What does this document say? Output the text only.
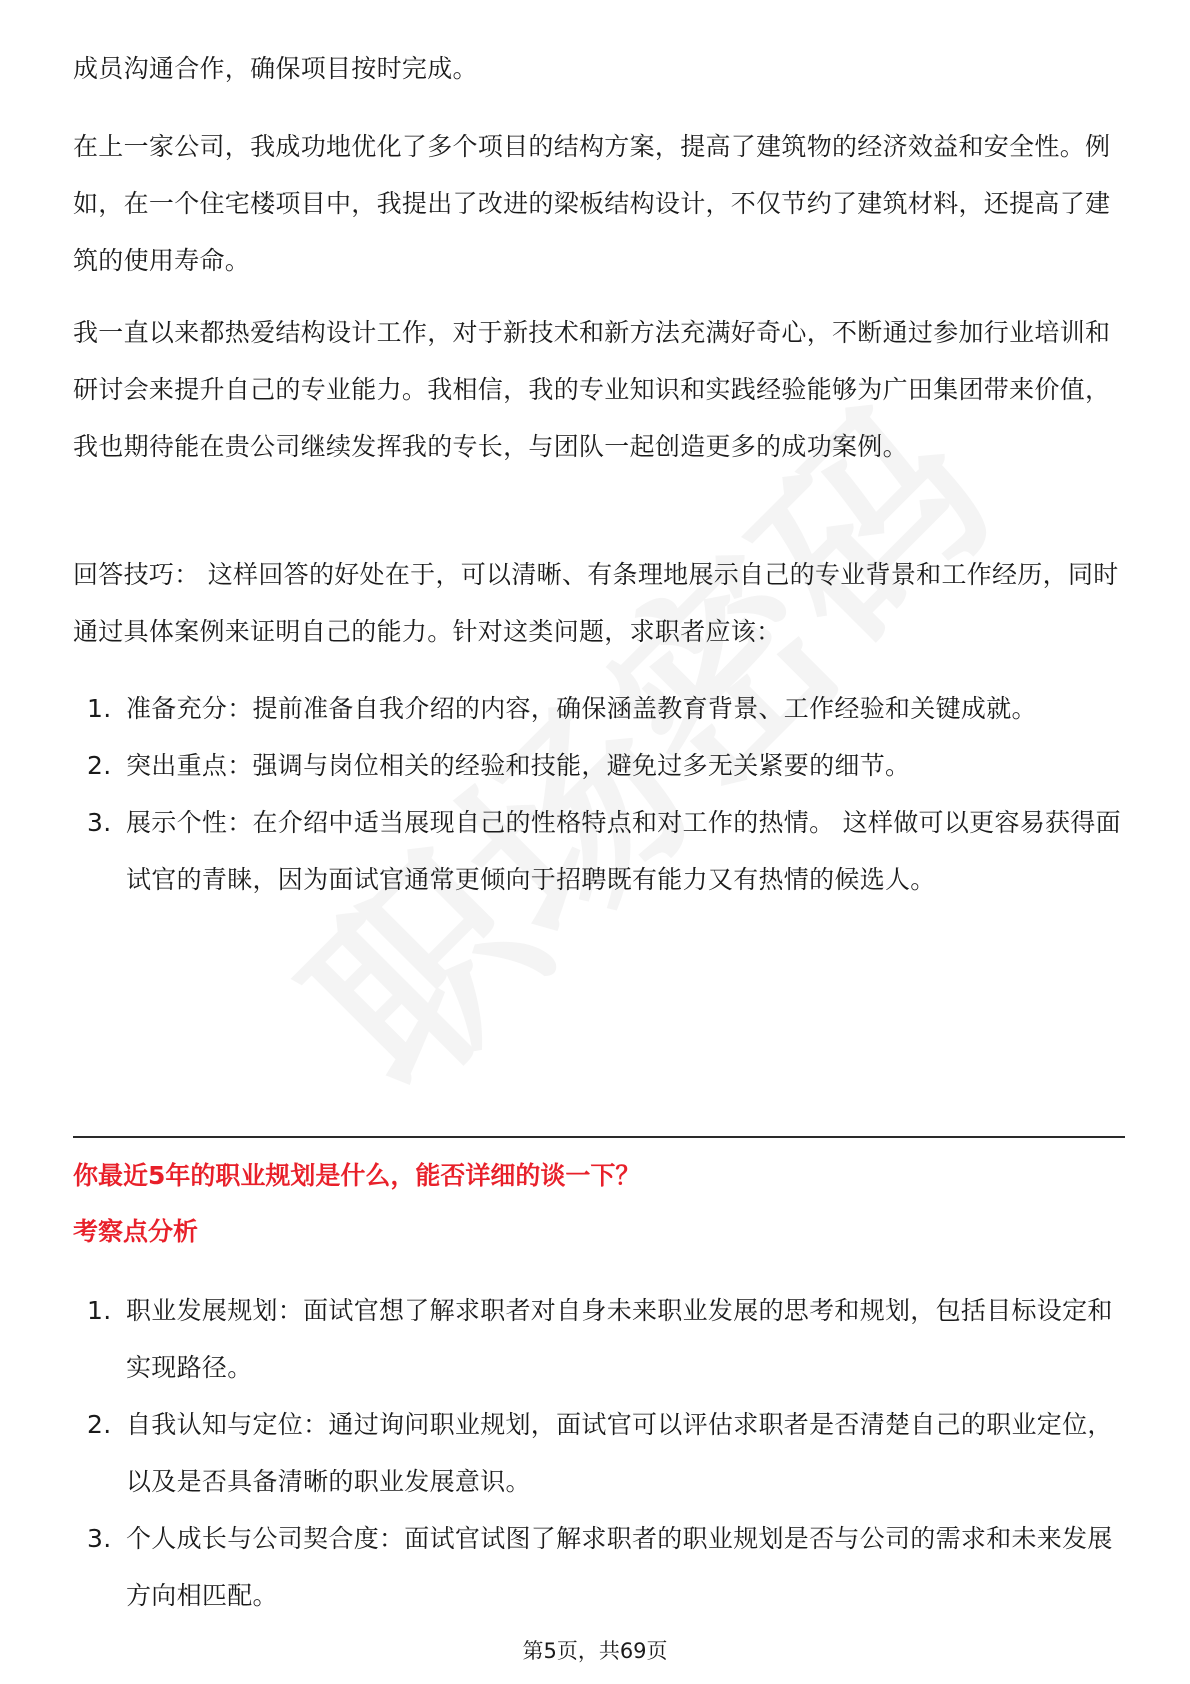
成员沟通合作，确保项目按时完成。

在上一家公司，我成功地优化了多个项目的结构方案，提高了建筑物的经济效益和安全性。例如，在一个住宅楼项目中，我提出了改进的梁板结构设计，不仅节约了建筑材料，还提高了建筑的使用寿命。

我一直以来都热爱结构设计工作，对于新技术和新方法充满好奇心，不断通过参加行业培训和研讨会来提升自己的专业能力。我相信，我的专业知识和实践经验能够为广田集团带来价值，我也期待能在贵公司继续发挥我的专长，与团队一起创造更多的成功案例。

回答技巧： 这样回答的好处在于，可以清晰、有条理地展示自己的专业背景和工作经历，同时通过具体案例来证明自己的能力。针对这类问题，求职者应该：

1. 准备充分：提前准备自我介绍的内容，确保涵盖教育背景、工作经验和关键成就。
2. 突出重点：强调与岗位相关的经验和技能，避免过多无关紧要的细节。
3. 展示个性：在介绍中适当展现自己的性格特点和对工作的热情。 这样做可以更容易获得面试官的青睐，因为面试官通常更倾向于招聘既有能力又有热情的候选人。
你最近5年的职业规划是什么，能否详细的谈一下？
考察点分析
1. 职业发展规划：面试官想了解求职者对自身未来职业发展的思考和规划，包括目标设定和实现路径。
2. 自我认知与定位：通过询问职业规划，面试官可以评估求职者是否清楚自己的职业定位，以及是否具备清晰的职业发展意识。
3. 个人成长与公司契合度：面试官试图了解求职者的职业规划是否与公司的需求和未来发展方向相匹配。
第5页，共69页
